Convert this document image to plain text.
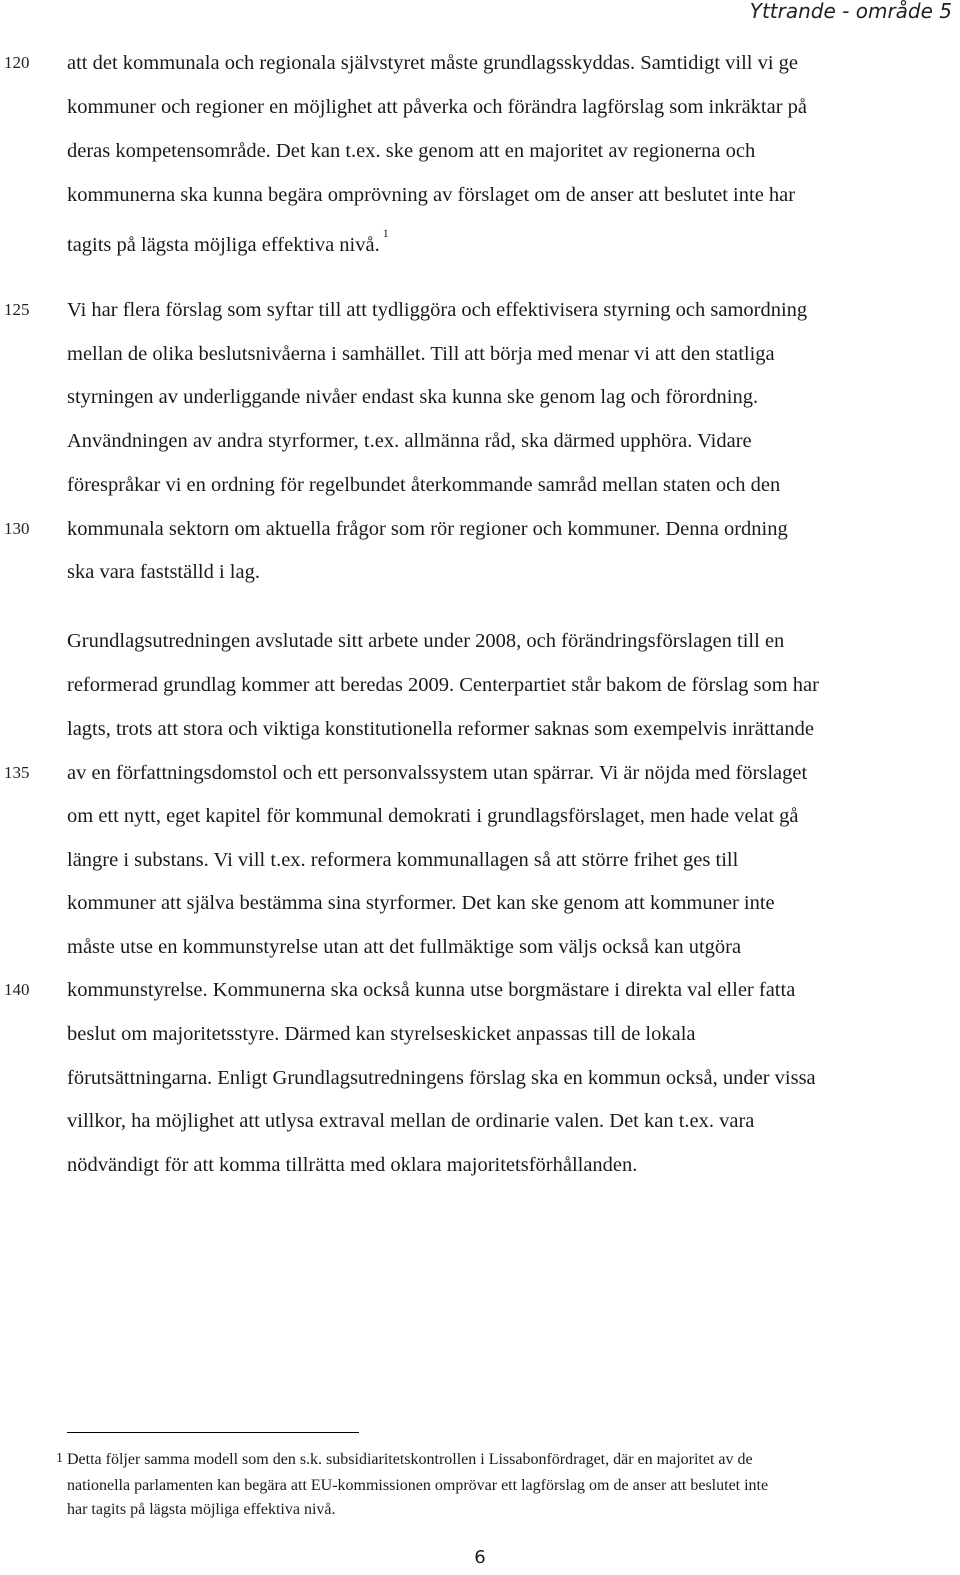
Yttrande - område 5
120
125
130
135
140
att det kommunala och regionala självstyret måste grundlagsskyddas. Samtidigt vill vi ge
kommuner och regioner en möjlighet att påverka och förändra lagförslag som inkräktar på
deras kompetensområde. Det kan t.ex. ske genom att en majoritet av regionerna och
kommunerna ska kunna begära omprövning av förslaget om de anser att beslutet inte har
tagits på lägsta möjliga effektiva nivå.$^1$
Vi har flera förslag som syftar till att tydliggöra och effektivisera styrning och samordning
mellan de olika beslutsnivåerna i samhället. Till att börja med menar vi att den statliga
styrningen av underliggande nivåer endast ska kunna ske genom lag och förordning.
Användningen av andra styrformer, t.ex. allmänna råd, ska därmed upphöra. Vidare
förespråkar vi en ordning för regelbundet återkommande samråd mellan staten och den
kommunala sektorn om aktuella frågor som rör regioner och kommuner. Denna ordning
ska vara fastställd i lag.
Grundlagsutredningen avslutade sitt arbete under 2008, och förändringsförslagen till en
reformerad grundlag kommer att beredas 2009. Centerpartiet står bakom de förslag som har
lagts, trots att stora och viktiga konstitutionella reformer saknas som exempelvis inrättande
av en författningsdomstol och ett personvalssystem utan spärrar. Vi är nöjda med förslaget
om ett nytt, eget kapitel för kommunal demokrati i grundlagsförslaget, men hade velat gå
längre i substans. Vi vill t.ex. reformera kommunallagen så att större frihet ges till
kommuner att själva bestämma sina styrformer. Det kan ske genom att kommuner inte
måste utse en kommunstyrelse utan att det fullmäktige som väljs också kan utgöra
kommunstyrelse. Kommunerna ska också kunna utse borgmästare i direkta val eller fatta
beslut om majoritetsstyre. Därmed kan styrelseskicket anpassas till de lokala
förutsättningarna. Enligt Grundlagsutredningens förslag ska en kommun också, under vissa
villkor, ha möjlighet att utlysa extraval mellan de ordinarie valen. Det kan t.ex. vara
nödvändigt för att komma tillrätta med oklara majoritetsförhållanden.
1 Detta följer samma modell som den s.k. subsidiaritetskontrollen i Lissabonfördraget, där en majoritet av de
nationella parlamenten kan begära att EU-kommissionen omprövar ett lagförslag om de anser att beslutet inte
har tagits på lägsta möjliga effektiva nivå.
6
